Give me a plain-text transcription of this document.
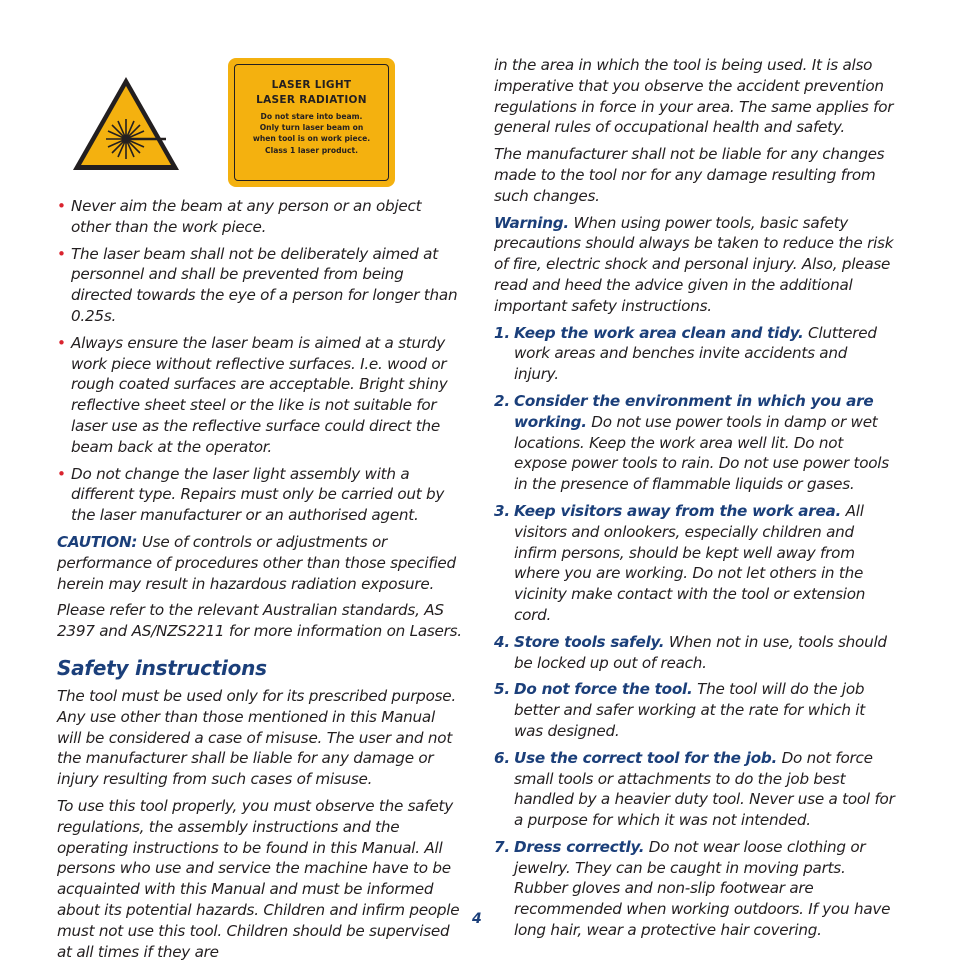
LASER LIGHT
LASER RADIATION
Do not stare into beam.
Only turn laser beam on
when tool is on work piece.
Class 1 laser product.
• Never aim the beam at any person or an object other than the work piece.
• The laser beam shall not be deliberately aimed at personnel and shall be prevented from being directed towards the eye of a person for longer than 0.25s.
• Always ensure the laser beam is aimed at a sturdy work piece without reflective surfaces. I.e. wood or rough coated surfaces are acceptable. Bright shiny reflective sheet steel or the like is not suitable for laser use as the reflective surface could direct the beam back at the operator.
• Do not change the laser light assembly with a different type. Repairs must only be carried out by the laser manufacturer or an authorised agent.

CAUTION: Use of controls or adjustments or performance of procedures other than those specified herein may result in hazardous radiation exposure.

Please refer to the relevant Australian standards, AS 2397 and AS/NZS2211 for more information on Lasers.

Safety instructions

The tool must be used only for its prescribed purpose. Any use other than those mentioned in this Manual will be considered a case of misuse. The user and not the manufacturer shall be liable for any damage or injury resulting from such cases of misuse.

To use this tool properly, you must observe the safety regulations, the assembly instructions and the operating instructions to be found in this Manual. All persons who use and service the machine have to be acquainted with this Manual and must be informed about its potential hazards. Children and infirm people must not use this tool. Children should be supervised at all times if they are

in the area in which the tool is being used. It is also imperative that you observe the accident prevention regulations in force in your area. The same applies for general rules of occupational health and safety.

The manufacturer shall not be liable for any changes made to the tool nor for any damage resulting from such changes.

Warning. When using power tools, basic safety precautions should always be taken to reduce the risk of fire, electric shock and personal injury. Also, please read and heed the advice given in the additional important safety instructions.

1. Keep the work area clean and tidy. Cluttered work areas and benches invite accidents and injury.
2. Consider the environment in which you are working. Do not use power tools in damp or wet locations. Keep the work area well lit. Do not expose power tools to rain. Do not use power tools in the presence of flammable liquids or gases.
3. Keep visitors away from the work area. All visitors and onlookers, especially children and infirm persons, should be kept well away from where you are working. Do not let others in the vicinity make contact with the tool or extension cord.
4. Store tools safely. When not in use, tools should be locked up out of reach.
5. Do not force the tool. The tool will do the job better and safer working at the rate for which it was designed.
6. Use the correct tool for the job. Do not force small tools or attachments to do the job best handled by a heavier duty tool. Never use a tool for a purpose for which it was not intended.
7. Dress correctly. Do not wear loose clothing or jewelry. They can be caught in moving parts. Rubber gloves and non-slip footwear are recommended when working outdoors. If you have long hair, wear a protective hair covering.
4
